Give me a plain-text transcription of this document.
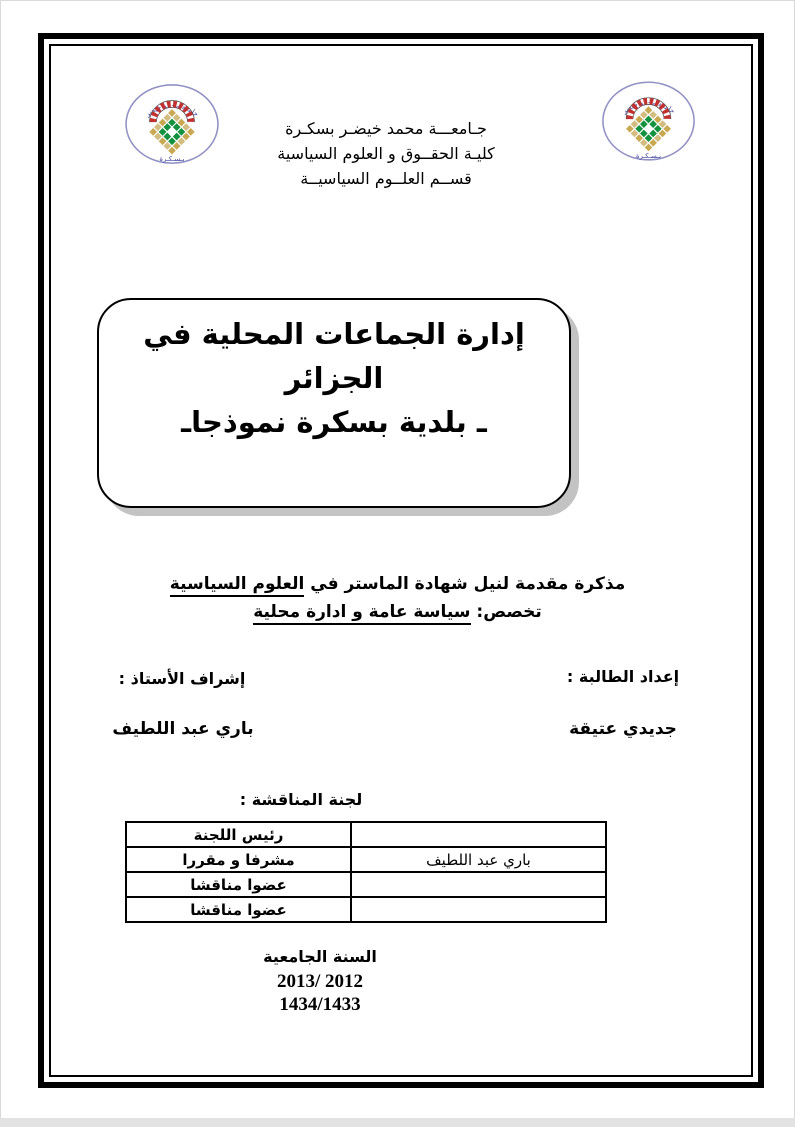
جامعة محمد خيضر
بـسـكـرة
جامعة محمد خيضر
بـسـكـرة
جـامعـــة محمد خيضـر بسكـرة
كليـة الحقــوق و العلوم السياسية
قســم العلــوم السياسيــة
إدارة الجماعات المحلية في الجزائر
ـ بلدية بسكرة نموذجاـ
مذكرة مقدمة لنيل شهادة الماستر في العلوم السياسية
تخصص: سياسة عامة و ادارة محلية
إعداد الطالبة :
إشراف الأستاذ :
جديدي عتيقة
باري عبد اللطيف
لجنة المناقشة :
رئيس اللجنة	
مشرفا و مقررا	باري عبد اللطيف
عضوا مناقشا	
عضوا مناقشا	
السنة الجامعية
2013/ 2012
1434/1433
